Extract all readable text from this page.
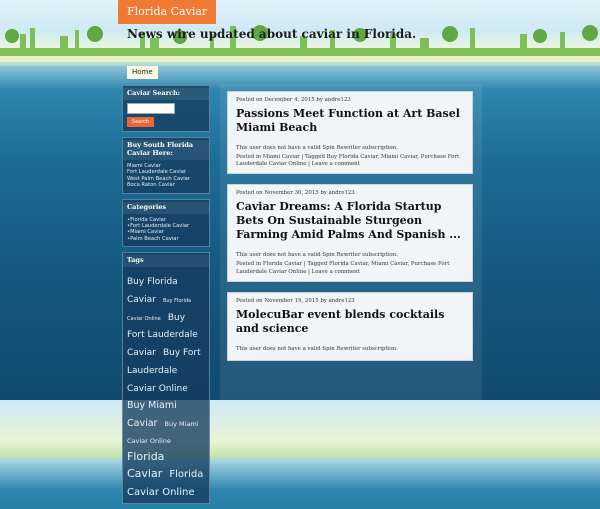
Florida Caviar
News wire updated about caviar in Florida.
Home
Caviar Search:
Search
Buy South Florida Caviar Here:
Miami Caviar
Fort Lauderdale Caviar
West Palm Beach Caviar
Boca Raton Caviar
Categories
• Florida Caviar
• Fort Lauderdale Caviar
• Miami Caviar
• Palm Beach Caviar
Tags
Buy Florida Caviar Buy Florida Caviar Online Buy Fort Lauderdale Caviar Buy Fort Lauderdale Caviar Online Buy Miami Caviar Buy Miami Caviar Online Florida Caviar Florida Caviar Online
Posted on December 4, 2015 by andre123
Passions Meet Function at Art Basel Miami Beach
This user does not have a valid Spin Rewriter subscription.
Posted in Miami Caviar | Tagged Buy Florida Caviar, Miami Caviar, Purchase Fort Lauderdale Caviar Online | Leave a comment
Posted on November 30, 2015 by andre123
Caviar Dreams: A Florida Startup Bets On Sustainable Sturgeon Farming Amid Palms And Spanish ...
This user does not have a valid Spin Rewriter subscription.
Posted in Florida Caviar | Tagged Florida Caviar, Miami Caviar, Purchase Fort Lauderdale Caviar Online | Leave a comment
Posted on November 19, 2015 by andre123
MolecuBar event blends cocktails and science
This user does not have a valid Spin Rewriter subscription.
